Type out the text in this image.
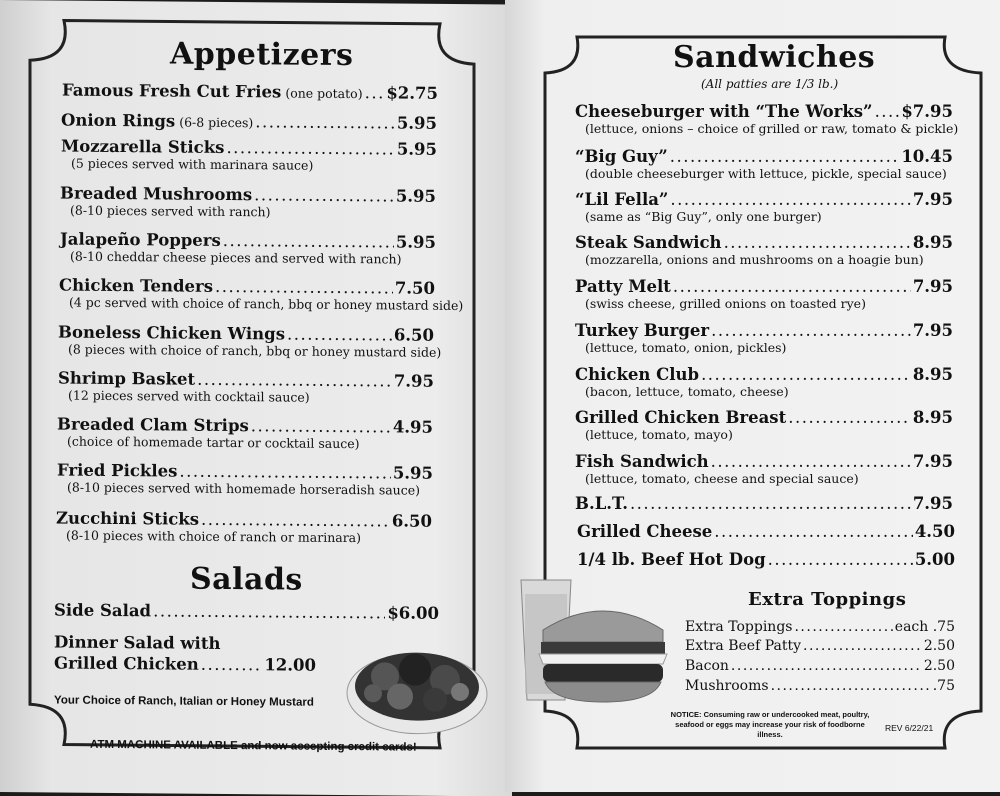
Appetizers
Famous Fresh Cut Fries (one potato) ..... $2.75
Onion Rings (6-8 pieces) .....	5.95
Mozzarella Sticks .....	5.95
(5 pieces served with marinara sauce)
Breaded Mushrooms .....	5.95
(8-10 pieces served with ranch)
Jalapeño Poppers .....	5.95
(8-10 cheddar cheese pieces and served with ranch)
Chicken Tenders .....	7.50
(4 pc served with choice of ranch, bbq or honey mustard side)
Boneless Chicken Wings .....	6.50
(8 pieces with choice of ranch, bbq or honey mustard side)
Shrimp Basket .....	7.95
(12 pieces served with cocktail sauce)
Breaded Clam Strips .....	4.95
(choice of homemade tartar or cocktail sauce)
Fried Pickles .....	5.95
(8-10 pieces served with homemade horseradish sauce)
Zucchini Sticks .....	6.50
(8-10 pieces with choice of ranch or marinara)
Salads
Side Salad .....	$6.00
Dinner Salad with
Grilled Chicken .....	12.00
Your Choice of Ranch, Italian or Honey Mustard
ATM MACHINE AVAILABLE and now accepting credit cards!
Sandwiches
(All patties are 1/3 lb.)
Cheeseburger with “The Works” ..... $7.95
(lettuce, onions – choice of grilled or raw, tomato & pickle)
“Big Guy” .....	10.45
(double cheeseburger with lettuce, pickle, special sauce)
“Lil Fella” .....	7.95
(same as “Big Guy”, only one burger)
Steak Sandwich .....	8.95
(mozzarella, onions and mushrooms on a hoagie bun)
Patty Melt .....	7.95
(swiss cheese, grilled onions on toasted rye)
Turkey Burger .....	7.95
(lettuce, tomato, onion, pickles)
Chicken Club .....	8.95
(bacon, lettuce, tomato, cheese)
Grilled Chicken Breast .....	8.95
(lettuce, tomato, mayo)
Fish Sandwich .....	7.95
(lettuce, tomato, cheese and special sauce)
B.L.T. .....	7.95
Grilled Cheese .....	4.50
1/4 lb. Beef Hot Dog .....	5.00
Extra Toppings
Extra Toppings .....	each .75
Extra Beef Patty .....	2.50
Bacon .....	2.50
Mushrooms .....	.75
NOTICE: Consuming raw or undercooked meat, poultry,
seafood or eggs may increase your risk of foodborne illness.
REV 6/22/21
